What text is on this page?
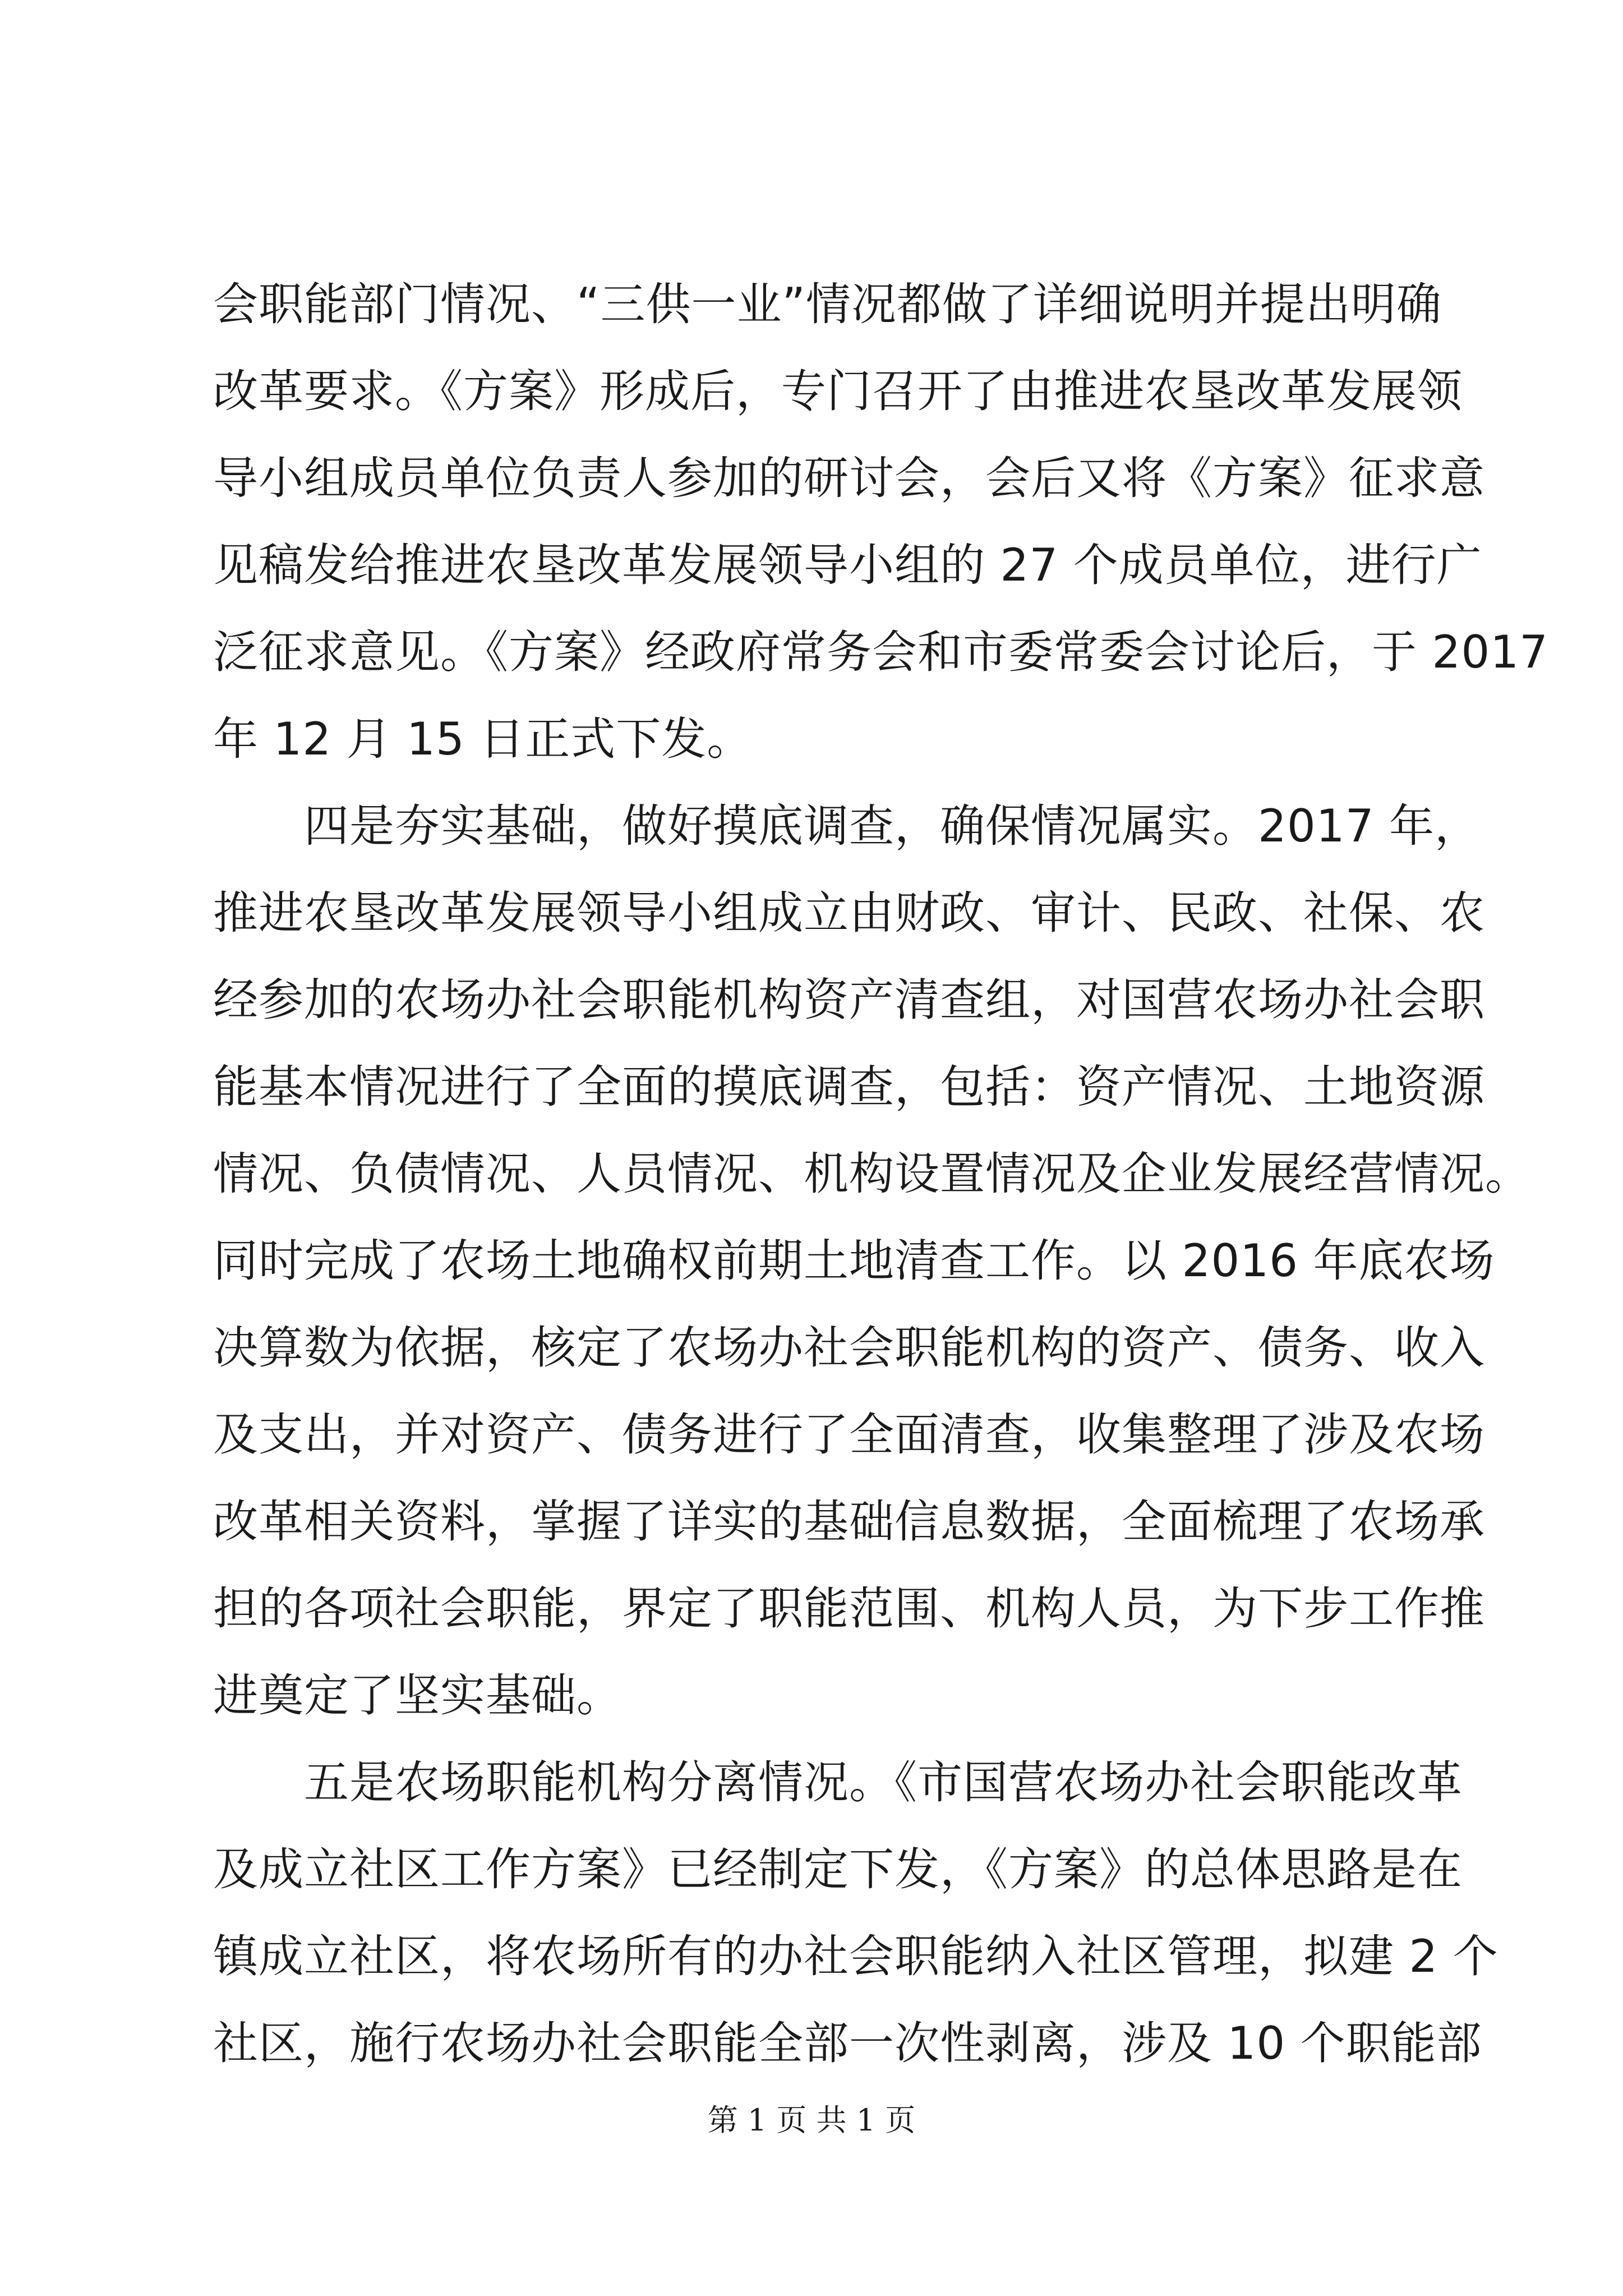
会职能部门情况、“三供一业”情况都做了详细说明并提出明确
改革要求。《方案》形成后，专门召开了由推进农垦改革发展领
导小组成员单位负责人参加的研讨会，会后又将《方案》征求意
见稿发给推进农垦改革发展领导小组的 27 个成员单位，进行广
泛征求意见。《方案》经政府常务会和市委常委会讨论后，于 2017
年 12 月 15 日正式下发。

　　四是夯实基础，做好摸底调查，确保情况属实。2017 年，
推进农垦改革发展领导小组成立由财政、审计、民政、社保、农
经参加的农场办社会职能机构资产清查组，对国营农场办社会职
能基本情况进行了全面的摸底调查，包括：资产情况、土地资源
情况、负债情况、人员情况、机构设置情况及企业发展经营情况。
同时完成了农场土地确权前期土地清查工作。以 2016 年底农场
决算数为依据，核定了农场办社会职能机构的资产、债务、收入
及支出，并对资产、债务进行了全面清查，收集整理了涉及农场
改革相关资料，掌握了详实的基础信息数据，全面梳理了农场承
担的各项社会职能，界定了职能范围、机构人员，为下步工作推
进奠定了坚实基础。

　　五是农场职能机构分离情况。《市国营农场办社会职能改革
及成立社区工作方案》已经制定下发，《方案》的总体思路是在
镇成立社区，将农场所有的办社会职能纳入社区管理，拟建 2 个
社区，施行农场办社会职能全部一次性剥离，涉及 10 个职能部

第 1 页 共 1 页
